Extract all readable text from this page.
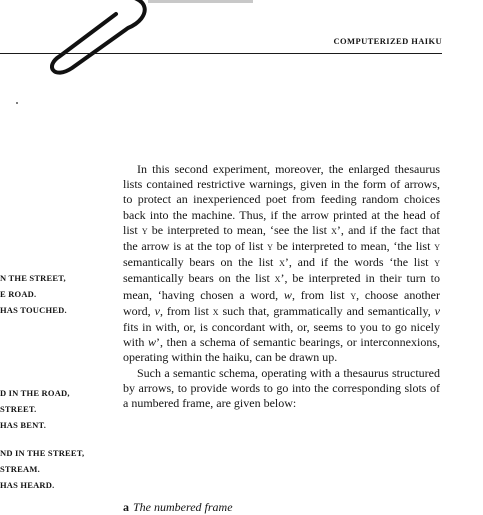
COMPUTERIZED HAIKU
N THE STREET,
E ROAD.
HAS TOUCHED.
D IN THE ROAD,
STREET.
HAS BENT.
ND IN THE STREET,
STREAM.
HAS HEARD.

In this second experiment, moreover, the enlarged thesaurus lists contained restrictive warnings, given in the form of arrows, to protect an inexperienced poet from feeding random choices back into the machine. Thus, if the arrow printed at the head of list y be interpreted to mean, ‘see the list x’, and if the fact that the arrow is at the top of list y be interpreted to mean, ‘the list y semantically bears on the list x’, and if the words ‘the list y semantically bears on the list x’, be interpreted in their turn to mean, ‘having chosen a word, w, from list y, choose another word, v, from list x such that, grammatically and semantically, v fits in with, or, is concordant with, or, seems to you to go nicely with w’, then a schema of semantic bearings, or interconnexions, operating within the haiku, can be drawn up.

Such a semantic schema, operating with a thesaurus structured by arrows, to provide words to go into the corresponding slots of a numbered frame, are given below:

a The numbered frame
